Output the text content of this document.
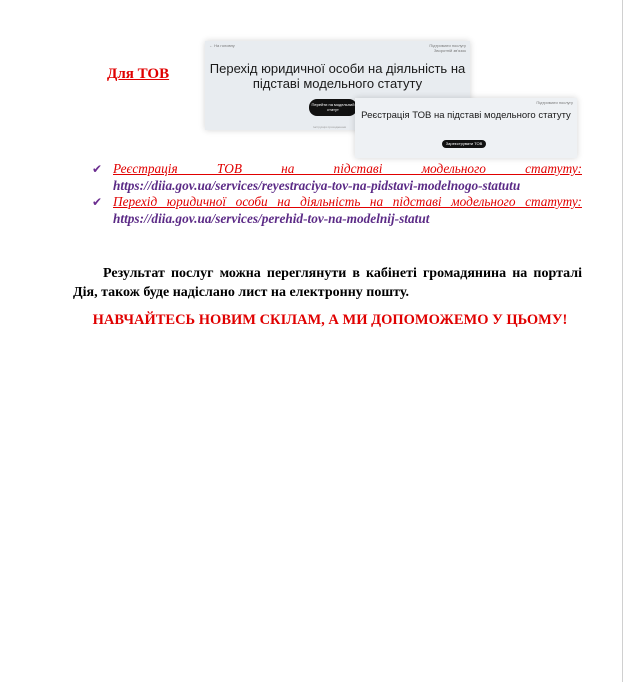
Для ТОВ
← На головну	Підтримати послугу
Зворотній зв'язок
Перехід юридичної особи на діяльність на підставі модельного статуту
Перейти на модельний статут
Інструкція проходження
Підтримати послугу
Реєстрація ТОВ на підставі модельного статуту
Зареєструвати ТОВ
✔ Реєстрація ТОВ на підставі модельного статуту: https://diia.gov.ua/services/reyestraciya-tov-na-pidstavi-modelnogo-statutu
✔ Перехід юридичної особи на діяльність на підставі модельного статуту: https://diia.gov.ua/services/perehid-tov-na-modelnij-statut
Результат послуг можна переглянути в кабінеті громадянина на порталі Дія, також буде надіслано лист на електронну пошту.
НАВЧАЙТЕСЬ НОВИМ СКІЛАМ, А МИ ДОПОМОЖЕМО У ЦЬОМУ!
